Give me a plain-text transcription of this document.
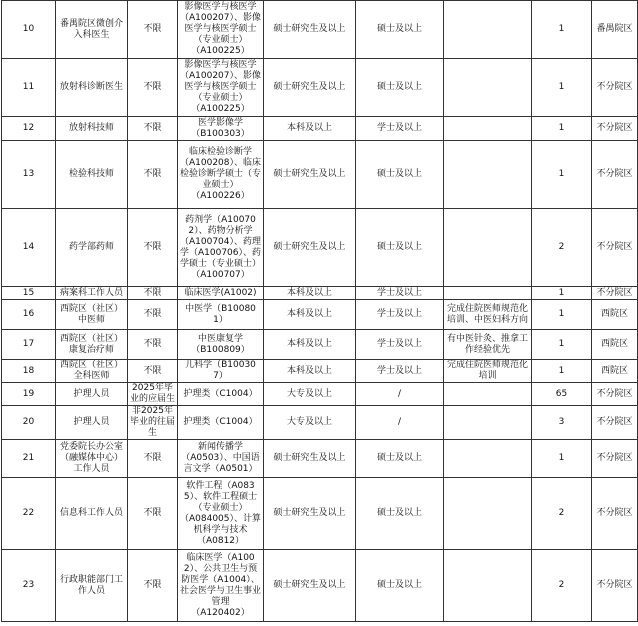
10	番禺院区微创介入科医生	不限	影像医学与核医学
（A100207）、影像医学与核医学硕士
（专业硕士）
（A100225）	硕士研究生及以上	硕士及以上		1	番禺院区
11	放射科诊断医生	不限	影像医学与核医学
（A100207）、影像医学与核医学硕士
（专业硕士）
（A100225）	硕士研究生及以上	硕士及以上		1	不分院区
12	放射科技师	不限	医学影像学
（B100303）	本科及以上	学士及以上		1	不分院区
13	检验科技师	不限	临床检验诊断学
（A100208）、临床检验诊断学硕士（专业硕士）
（A100226）	硕士研究生及以上	硕士及以上		1	不分院区
14	药学部药师	不限	药剂学（A100702）、药物分析学
（A100704）、药理学（A100706）、药学硕士（专业硕士）
（A100707）	硕士研究生及以上	硕士及以上		2	不分院区
15	病案科工作人员	不限	临床医学(A1002)	本科及以上	学士及以上		1	不分院区
16	西院区（社区）
中医师	不限	中医学（B100801）	本科及以上	学士及以上	完成住院医师规范化培训、中医妇科方向	1	西院区
17	西院区（社区）
康复治疗师	不限	中医康复学
（B100809）	本科及以上	学士及以上	有中医针灸、推拿工作经验优先	1	西院区
18	西院区（社区）
全科医师	不限	儿科学（B100307）	本科及以上	学士及以上	完成住院医师规范化培训	1	西院区
19	护理人员	2025年毕业的应届生	护理类（C1004）	大专及以上	/		65	不分院区
20	护理人员	非2025年毕业的往届生	护理类（C1004）	大专及以上	/		3	不分院区
21	党委院长办公室
（融媒体中心）
工作人员	不限	新闻传播学
（A0503）、中国语言文学（A0501）	硕士研究生及以上	硕士及以上		1	不分院区
22	信息科工作人员	不限	软件工程（A0835）、软件工程硕士（专业硕士）
（A084005）、计算机科学与技术
（A0812）	硕士研究生及以上	硕士及以上		2	不分院区
23	行政职能部门工作人员	不限	临床医学（A1002）、公共卫生与预防医学（A1004）、社会医学与卫生事业管理
（A120402）	硕士研究生及以上	硕士及以上		2	不分院区
